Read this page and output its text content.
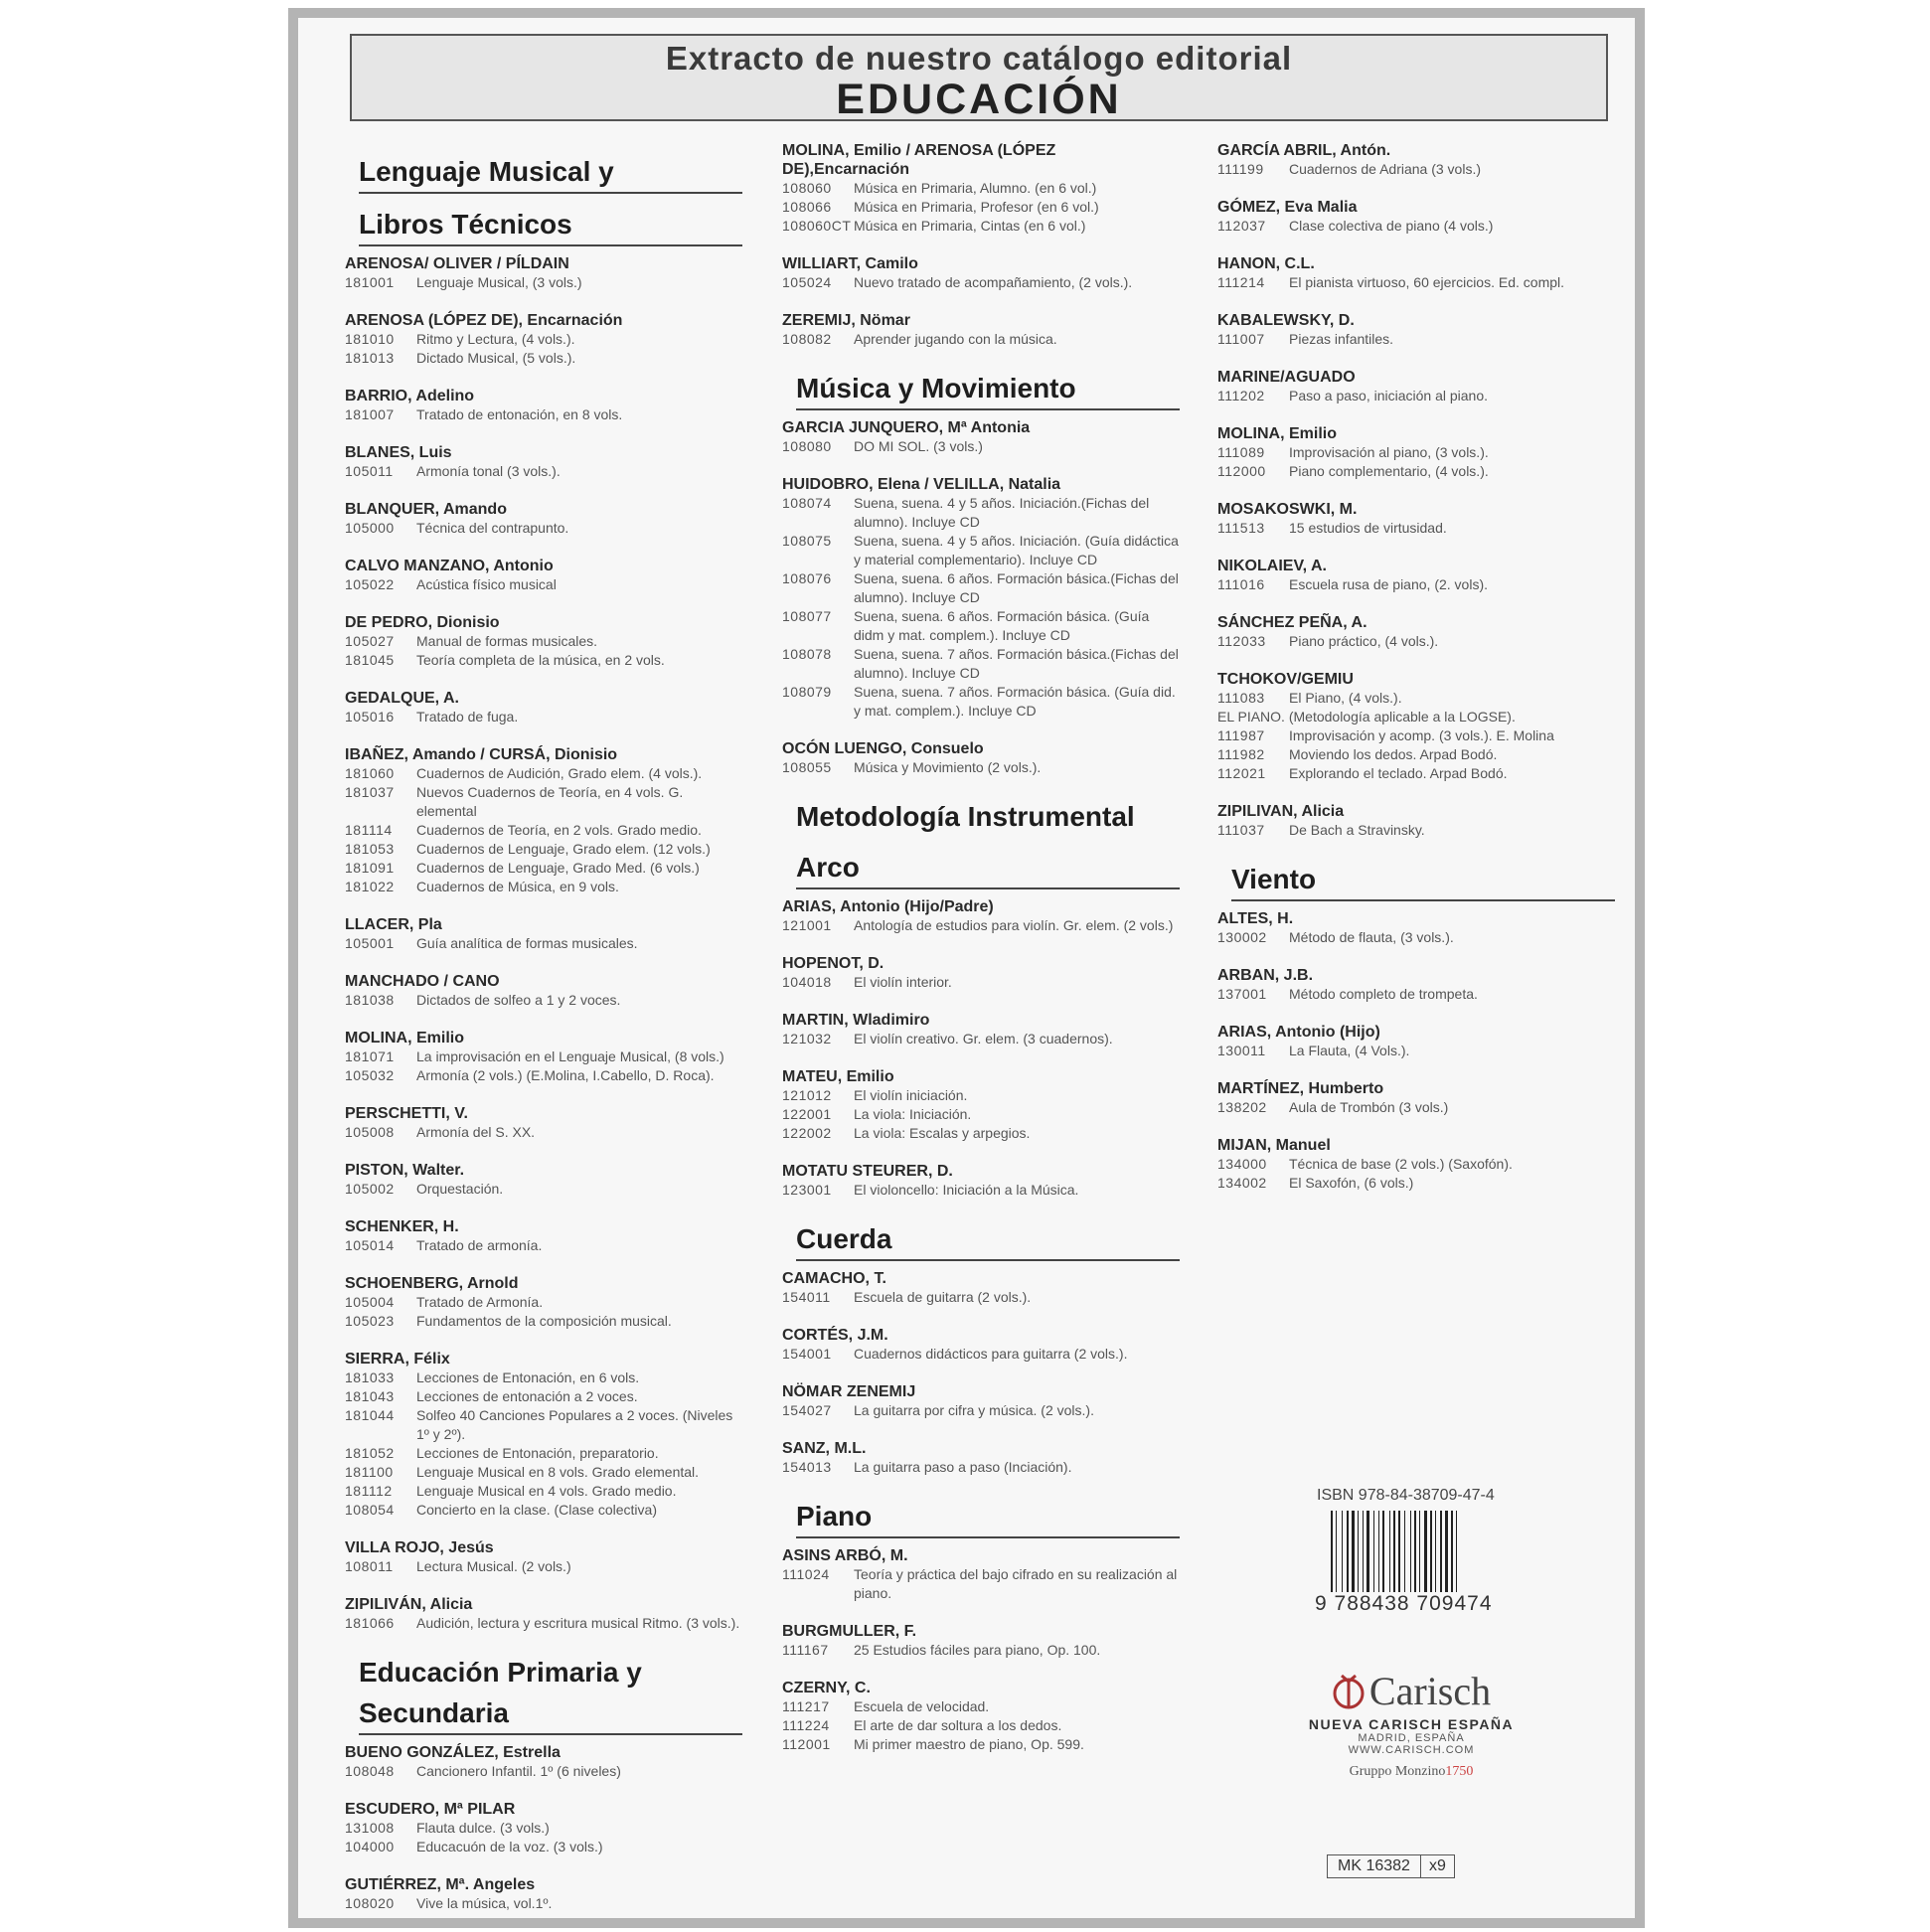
Extracto de nuestro catálogo editorial
EDUCACIÓN
Lenguaje Musical y
Libros Técnicos
ARENOSA/ OLIVER / PÍLDAIN
181001	Lenguaje Musical, (3 vols.)
ARENOSA (LÓPEZ DE), Encarnación
181010	Ritmo y Lectura, (4 vols.).
181013	Dictado Musical, (5 vols.).
BARRIO, Adelino
181007	Tratado de entonación, en 8 vols.
BLANES, Luis
105011	Armonía tonal (3 vols.).
BLANQUER, Amando
105000	Técnica del contrapunto.
CALVO MANZANO, Antonio
105022	Acústica físico musical
DE PEDRO, Dionisio
105027	Manual de formas musicales.
181045	Teoría completa de la música, en 2 vols.
GEDALQUE, A.
105016	Tratado de fuga.
IBAÑEZ, Amando / CURSÁ, Dionisio
181060	Cuadernos de Audición, Grado elem. (4 vols.).
181037	Nuevos Cuadernos de Teoría, en 4 vols. G. elemental
181114	Cuadernos de Teoría, en 2 vols. Grado medio.
181053	Cuadernos de Lenguaje, Grado elem. (12 vols.)
181091	Cuadernos de Lenguaje, Grado Med. (6 vols.)
181022	Cuadernos de Música, en 9 vols.
LLACER, Pla
105001	Guía analítica de formas musicales.
MANCHADO / CANO
181038	Dictados de solfeo a 1 y 2 voces.
MOLINA, Emilio
181071	La improvisación en el Lenguaje Musical, (8 vols.)
105032	Armonía (2 vols.) (E.Molina, I.Cabello, D. Roca).
PERSCHETTI, V.
105008	Armonía del S. XX.
PISTON, Walter.
105002	Orquestación.
SCHENKER, H.
105014	Tratado de armonía.
SCHOENBERG, Arnold
105004	Tratado de Armonía.
105023	Fundamentos de la composición musical.
SIERRA, Félix
181033	Lecciones de Entonación, en 6 vols.
181043	Lecciones de entonación a 2 voces.
181044	Solfeo 40 Canciones Populares a 2 voces. (Niveles 1º y 2º).
181052	Lecciones de Entonación, preparatorio.
181100	Lenguaje Musical en 8 vols. Grado elemental.
181112	Lenguaje Musical en 4 vols. Grado medio.
108054	Concierto en la clase. (Clase colectiva)
VILLA ROJO, Jesús
108011	Lectura Musical. (2 vols.)
ZIPILIVÁN, Alicia
181066	Audición, lectura y escritura musical Ritmo. (3 vols.).
Educación Primaria y Secundaria
BUENO GONZÁLEZ, Estrella
108048	Cancionero Infantil. 1º (6 niveles)
ESCUDERO, Mª PILAR
131008	Flauta dulce. (3 vols.)
104000	Educacuón de la voz. (3 vols.)
GUTIÉRREZ, Mª. Angeles
108020	Vive la música, vol.1º.
MOLINA, Emilio / ARENOSA (LÓPEZ DE),Encarnación
108060	Música en Primaria, Alumno. (en 6 vol.)
108066	Música en Primaria, Profesor (en 6 vol.)
108060CT Música en Primaria, Cintas (en 6 vol.)
WILLIART, Camilo
105024	Nuevo tratado de acompañamiento, (2 vols.).
ZEREMIJ, Nömar
108082	Aprender jugando con la música.
Música y Movimiento
GARCIA JUNQUERO, Mª Antonia
108080	DO MI SOL. (3 vols.)
HUIDOBRO, Elena / VELILLA, Natalia
108074	Suena, suena. 4 y 5 años. Iniciación.(Fichas del alumno). Incluye CD
108075	Suena, suena. 4 y 5 años. Iniciación. (Guía didáctica y material complementario). Incluye CD
108076	Suena, suena. 6 años. Formación básica.(Fichas del alumno). Incluye CD
108077	Suena, suena. 6 años. Formación básica. (Guía didm y mat. complem.). Incluye CD
108078	Suena, suena. 7 años. Formación básica.(Fichas del alumno). Incluye CD
108079	Suena, suena. 7 años. Formación básica. (Guía did. y mat. complem.). Incluye CD
OCÓN LUENGO, Consuelo
108055	Música y Movimiento (2 vols.).
Metodología Instrumental
Arco
ARIAS, Antonio (Hijo/Padre)
121001	Antología de estudios para violín. Gr. elem. (2 vols.)
HOPENOT, D.
104018	El violín interior.
MARTIN, Wladimiro
121032	El violín creativo. Gr. elem. (3 cuadernos).
MATEU, Emilio
121012	El violín iniciación.
122001	La viola: Iniciación.
122002	La viola: Escalas y arpegios.
MOTATU STEURER, D.
123001	El violoncello: Iniciación a la Música.
Cuerda
CAMACHO, T.
154011	Escuela de guitarra (2 vols.).
CORTÉS, J.M.
154001	Cuadernos didácticos para guitarra (2 vols.).
NÖMAR ZENEMIJ
154027	La guitarra por cifra y música. (2 vols.).
SANZ, M.L.
154013	La guitarra paso a paso (Inciación).
Piano
ASINS ARBÓ, M.
111024	Teoría y práctica del bajo cifrado en su realización al piano.
BURGMULLER, F.
111167	25 Estudios fáciles para piano, Op. 100.
CZERNY, C.
111217	Escuela de velocidad.
111224	El arte de dar soltura a los dedos.
112001	Mi primer maestro de piano, Op. 599.
GARCÍA ABRIL, Antón.
111199	Cuadernos de Adriana (3 vols.)
GÓMEZ, Eva Malia
112037	Clase colectiva de piano (4 vols.)
HANON, C.L.
111214	El pianista virtuoso, 60 ejercicios. Ed. compl.
KABALEWSKY, D.
111007	Piezas infantiles.
MARINE/AGUADO
111202	Paso a paso, iniciación al piano.
MOLINA, Emilio
111089	Improvisación al piano, (3 vols.).
112000	Piano complementario, (4 vols.).
MOSAKOSWKI, M.
111513	15 estudios de virtusidad.
NIKOLAIEV, A.
111016	Escuela rusa de piano, (2. vols).
SÁNCHEZ PEÑA, A.
112033	Piano práctico, (4 vols.).
TCHOKOV/GEMIU
111083	El Piano, (4 vols.).
EL PIANO. (Metodología aplicable a la LOGSE).
111987	Improvisación y acomp. (3 vols.). E. Molina
111982	Moviendo los dedos. Arpad Bodó.
112021	Explorando el teclado. Arpad Bodó.
ZIPILIVAN, Alicia
111037	De Bach a Stravinsky.
Viento
ALTES, H.
130002	Método de flauta, (3 vols.).
ARBAN, J.B.
137001	Método completo de trompeta.
ARIAS, Antonio (Hijo)
130011	La Flauta, (4 Vols.).
MARTÍNEZ, Humberto
138202	Aula de Trombón (3 vols.)
MIJAN, Manuel
134000	Técnica de base (2 vols.) (Saxofón).
134002	El Saxofón, (6 vols.)
ISBN 978-84-38709-47-4
9 788438 709474
Carisch
NUEVA CARISCH ESPAÑA
MADRID, ESPAÑA
WWW.CARISCH.COM
Gruppo Monzino1750
MK 16382	x9
